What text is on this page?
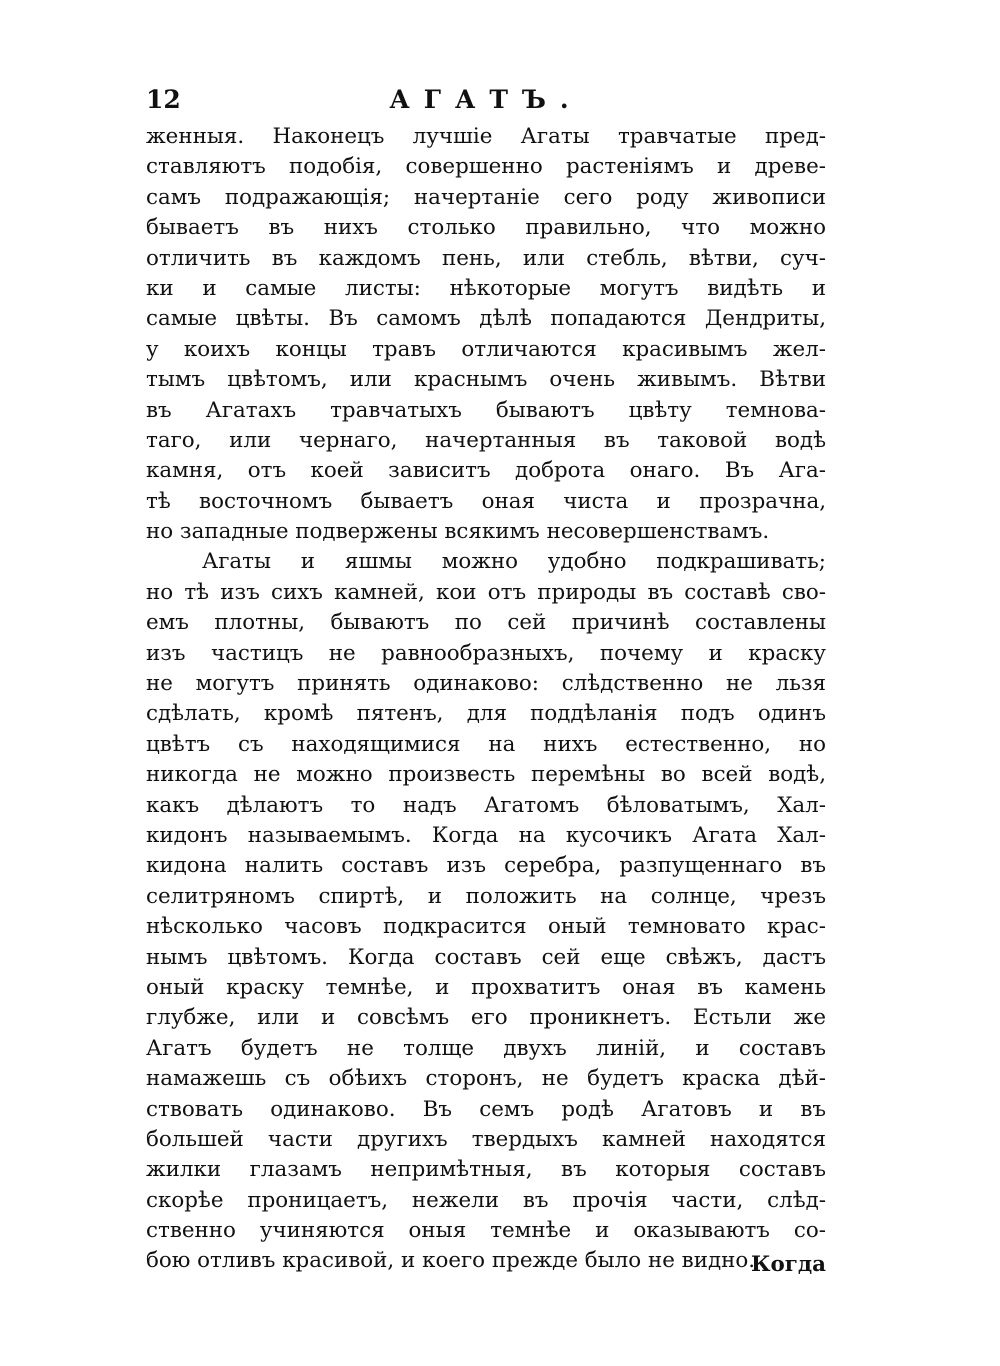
12	АГАТЪ.
женныя. Наконецъ лучшіе Агаты травчатые пред-
ставляютъ подобія, совершенно растеніямъ и древе-
самъ подражающія; начертаніе сего роду живописи
бываетъ въ нихъ столько правильно, что можно
отличить въ каждомъ пень, или стебль, вѣтви, суч-
ки и самые листы: нѣкоторые могутъ видѣть и
самые цвѣты. Въ самомъ дѣлѣ попадаются Дендриты,
у коихъ концы травъ отличаются красивымъ жел-
тымъ цвѣтомъ, или краснымъ очень живымъ. Вѣтви
въ Агатахъ травчатыхъ бываютъ цвѣту темнова-
таго, или чернаго, начертанныя въ таковой водѣ
камня, отъ коей зависитъ доброта онаго. Въ Ага-
тѣ восточномъ бываетъ оная чиста и прозрачна,
но западные подвержены всякимъ несовершенствамъ.
Агаты и яшмы можно удобно подкрашивать;
но тѣ изъ сихъ камней, кои отъ природы въ составѣ сво-
емъ плотны, бываютъ по сей причинѣ составлены
изъ частицъ не равнообразныхъ, почему и краску
не могутъ принять одинаково: слѣдственно не льзя
сдѣлать, кромѣ пятенъ, для поддѣланія подъ одинъ
цвѣтъ съ находящимися на нихъ естественно, но
никогда не можно произвесть перемѣны во всей водѣ,
какъ дѣлаютъ то надъ Агатомъ бѣловатымъ, Хал-
кидонъ называемымъ. Когда на кусочикъ Агата Хал-
кидона налить составъ изъ серебра, разпущеннаго въ
селитряномъ спиртѣ, и положить на солнце, чрезъ
нѣсколько часовъ подкрасится оный темновато крас-
нымъ цвѣтомъ. Когда составъ сей еще свѣжъ, дастъ
оный краску темнѣе, и прохватитъ оная въ камень
глубже, или и совсѣмъ его проникнетъ. Естьли же
Агатъ будетъ не толще двухъ линій, и составъ
намажешь съ обѣихъ сторонъ, не будетъ краска дѣй-
ствовать одинаково. Въ семъ родѣ Агатовъ и въ
большей части другихъ твердыхъ камней находятся
жилки глазамъ непримѣтныя, въ которыя составъ
скорѣе проницаетъ, нежели въ прочія части, слѣд-
ственно учиняются оныя темнѣе и оказываютъ со-
бою отливъ красивой, и коего прежде было не видно.
Когда
